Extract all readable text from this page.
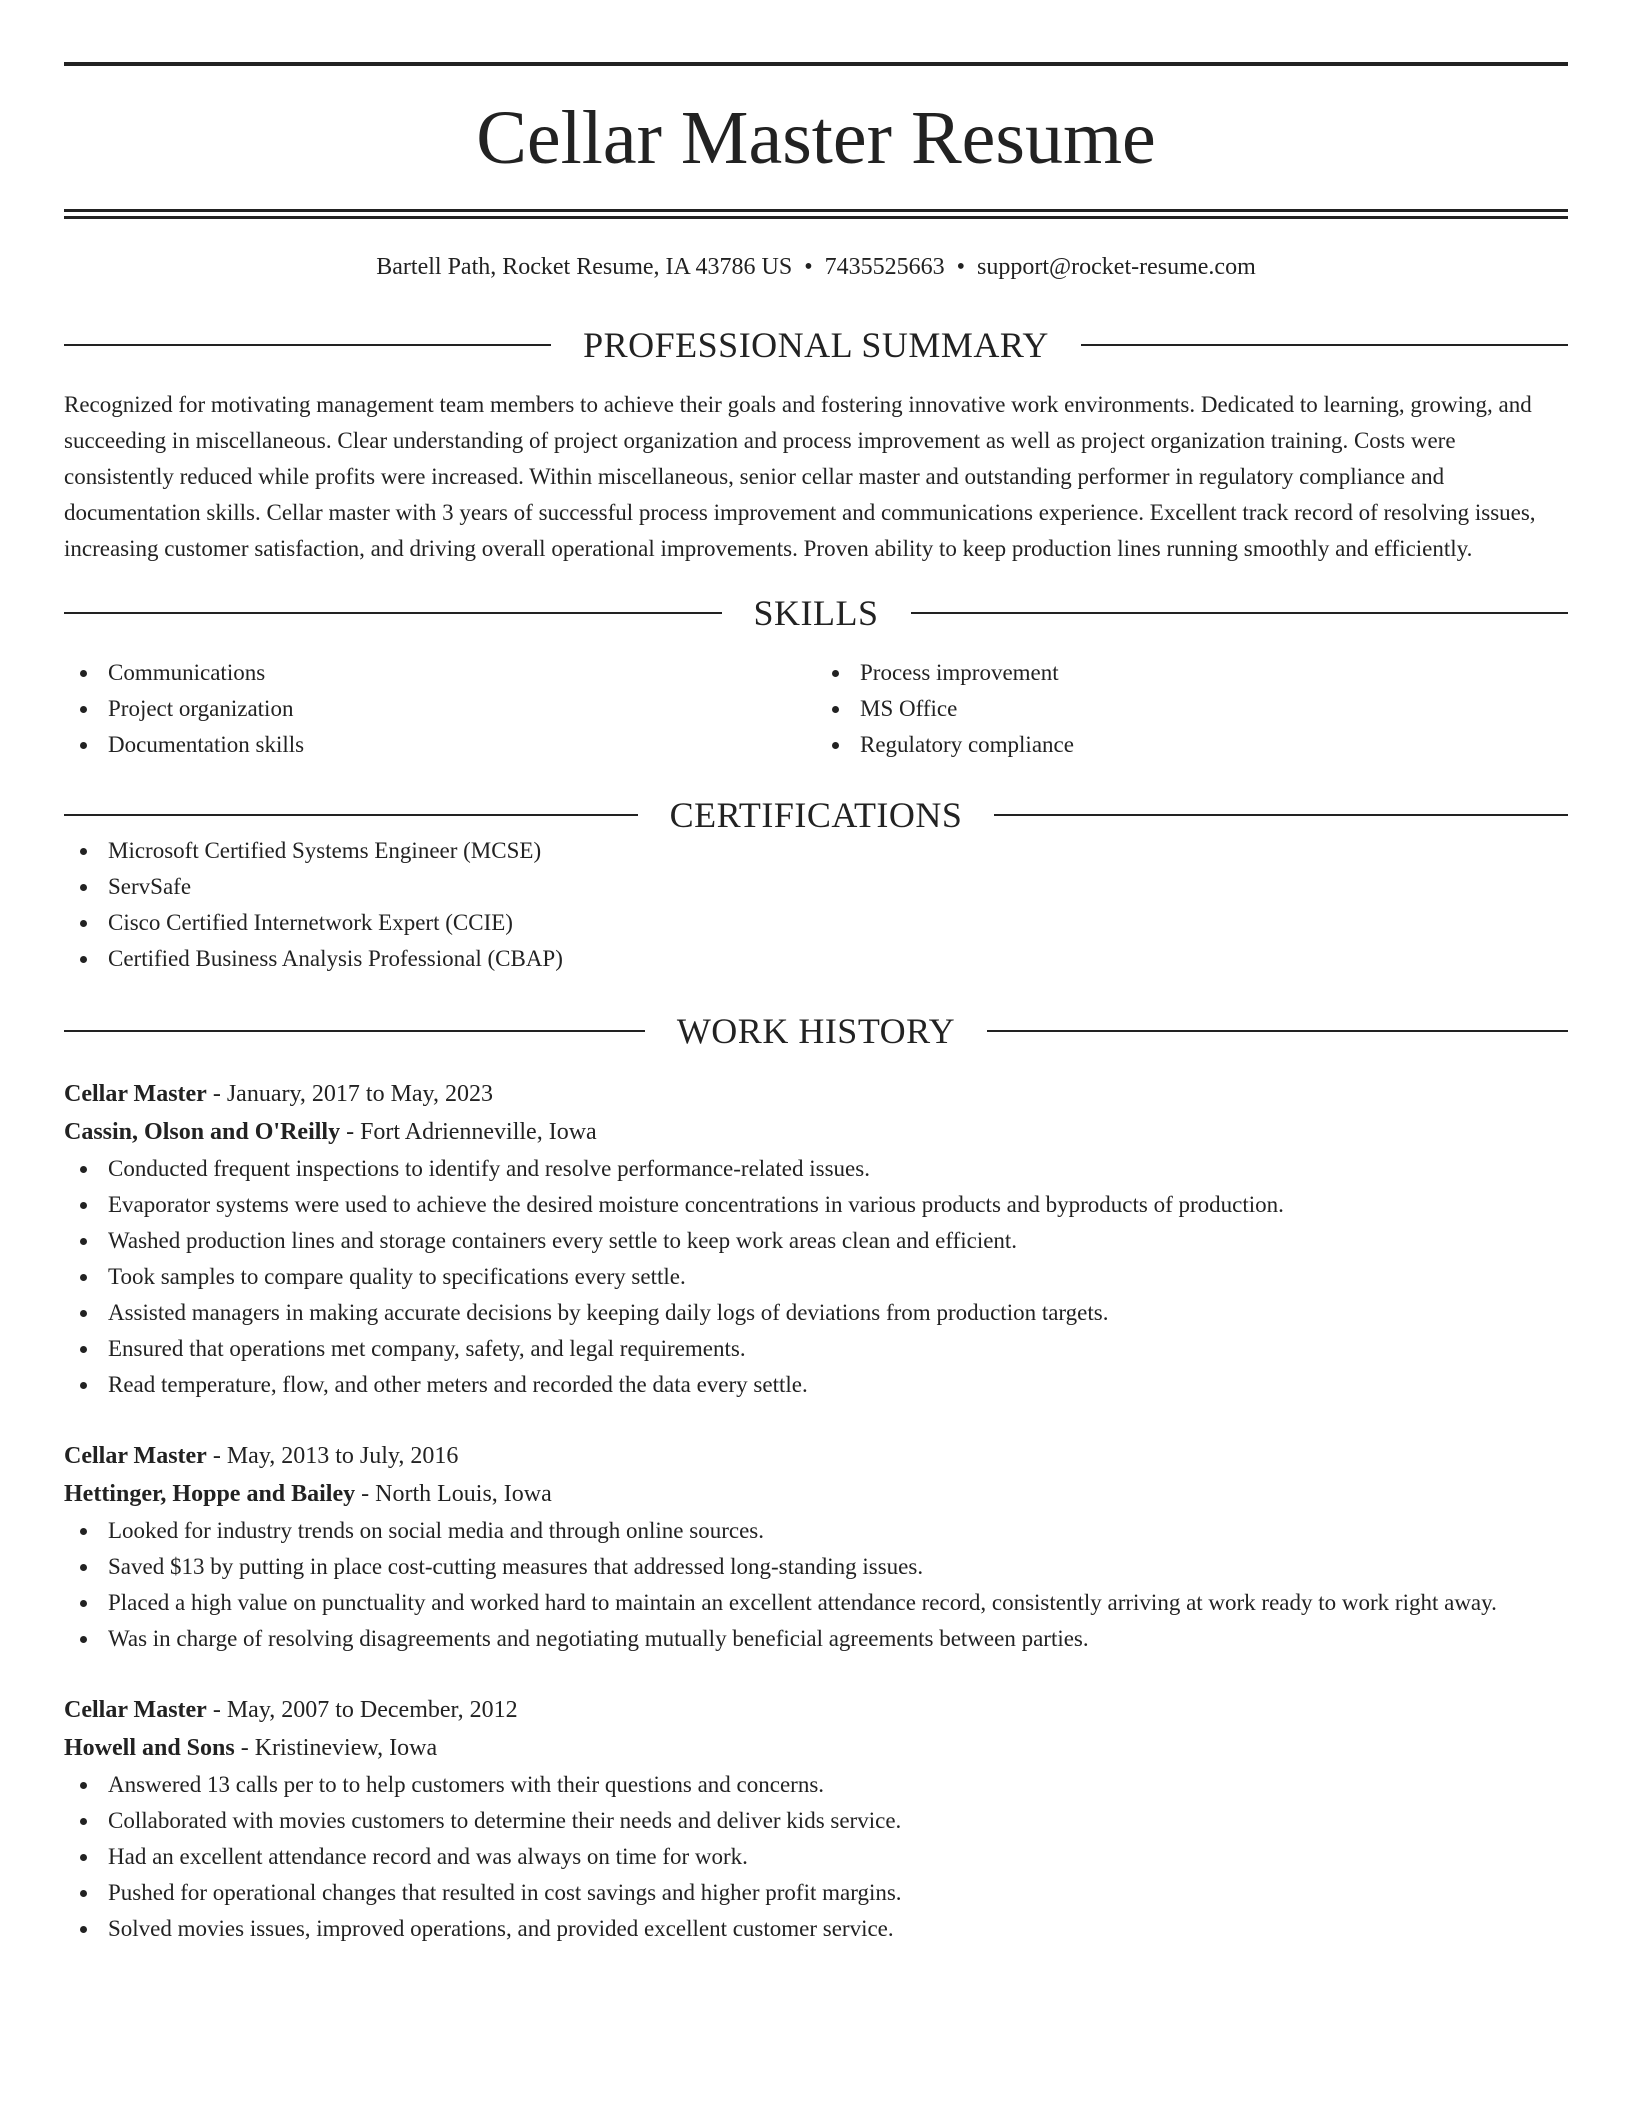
Cellar Master Resume
Bartell Path, Rocket Resume, IA 43786 US • 7435525663 • support@rocket-resume.com
PROFESSIONAL SUMMARY

Recognized for motivating management team members to achieve their goals and fostering innovative work environments. Dedicated to learning, growing, and succeeding in miscellaneous. Clear understanding of project organization and process improvement as well as project organization training. Costs were consistently reduced while profits were increased. Within miscellaneous, senior cellar master and outstanding performer in regulatory compliance and documentation skills. Cellar master with 3 years of successful process improvement and communications experience. Excellent track record of resolving issues, increasing customer satisfaction, and driving overall operational improvements. Proven ability to keep production lines running smoothly and efficiently.

SKILLS
Communications
Project organization
Documentation skills
Process improvement
MS Office
Regulatory compliance
CERTIFICATIONS
Microsoft Certified Systems Engineer (MCSE)
ServSafe
Cisco Certified Internetwork Expert (CCIE)
Certified Business Analysis Professional (CBAP)
WORK HISTORY
Cellar Master - January, 2017 to May, 2023
Cassin, Olson and O'Reilly - Fort Adrienneville, Iowa
Conducted frequent inspections to identify and resolve performance-related issues.
Evaporator systems were used to achieve the desired moisture concentrations in various products and byproducts of production.
Washed production lines and storage containers every settle to keep work areas clean and efficient.
Took samples to compare quality to specifications every settle.
Assisted managers in making accurate decisions by keeping daily logs of deviations from production targets.
Ensured that operations met company, safety, and legal requirements.
Read temperature, flow, and other meters and recorded the data every settle.
Cellar Master - May, 2013 to July, 2016
Hettinger, Hoppe and Bailey - North Louis, Iowa
Looked for industry trends on social media and through online sources.
Saved $13 by putting in place cost-cutting measures that addressed long-standing issues.
Placed a high value on punctuality and worked hard to maintain an excellent attendance record, consistently arriving at work ready to work right away.
Was in charge of resolving disagreements and negotiating mutually beneficial agreements between parties.
Cellar Master - May, 2007 to December, 2012
Howell and Sons - Kristineview, Iowa
Answered 13 calls per to to help customers with their questions and concerns.
Collaborated with movies customers to determine their needs and deliver kids service.
Had an excellent attendance record and was always on time for work.
Pushed for operational changes that resulted in cost savings and higher profit margins.
Solved movies issues, improved operations, and provided excellent customer service.
